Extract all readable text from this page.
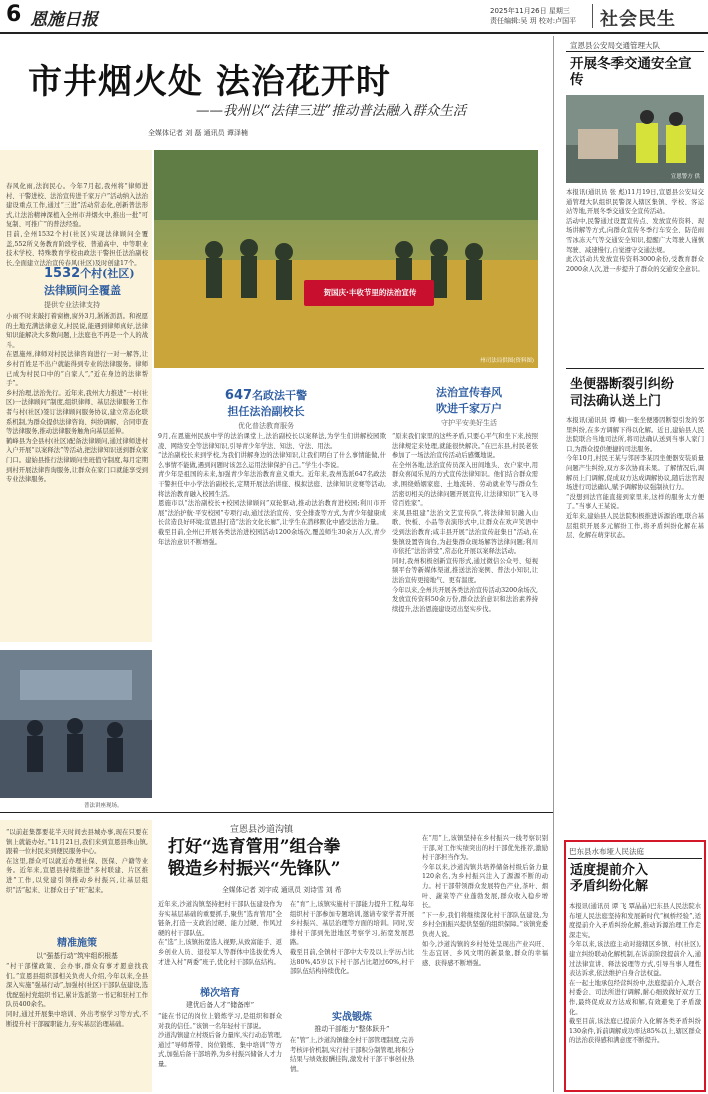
6 恩施日报	2025年11月26日 星期三
责任编辑:吴 玥 校对:卢国平 社会民生
市井烟火处 法治花开时
——我州以“法律三进”推动普法融入群众生活
全媒体记者 刘 磊 通讯员 谭泽楠
春风化雨,法润民心。今年7月起,我州将“律师进村、干警进校、法治宣传进千家万户”活动纳入法治建设重点工作,通过“三进”活动常态化,创新普法形式,让法治精神深植入全州市井烟火中,推出一批“可复制、可推广”的普法经验。
目前,全州1532个村(社区)实现法律顾问全覆盖,552所义务教育阶段学校、普通高中、中等职业技术学校、特殊教育学校由政法干警担任法治副校长,全面建立法治宣传春风(社区)及时创建17个。
贺国庆·丰收节里的法治宣传
州司法局供图(资料图)
1532个村(社区)
法律顾问全覆盖
提供专业法律支持
小雨不时来敲打着窗檐,窗外3月,淅淅沥沥。和祝愿的土地充满法律意义,村民说,能遇到律师真好,法律知识能解决大多数问题,上法庭也不再是一个人的战斗。
在恩施州,律师对村民法律咨询进行一对一解答,让乡村百姓足不出户就能得到专业的法律服务。律师已成为村民口中的“自家人”,“近在身边的法律帮手”。
乡村治理,法治先行。近年来,我州大力推进“一村(社区)一法律顾问”制度,组织律师、基层法律服务工作者与村(社区)签订法律顾问服务协议,建立常态化联系机制,为群众提供法律咨询、纠纷调解、合同审查等法律服务,推动法律服务触角向基层延伸。
鹤峰县为全县村(社区)配备法律顾问,通过律师进村入户开展“以案释法”等活动,把法律知识送到群众家门口。建始县推行法律顾问坐班值守制度,每月定期到村开展法律咨询服务,让群众在家门口就能享受到专业法律服务。
普法讲座现场。
647名政法干警
担任法治副校长
优化普法教育服务
9月,在恩施州民族中学的法治课堂上,法治副校长以案释法,为学生们讲解校园欺凌、网络安全等法律知识,引导青少年学法、知法、守法、用法。
“法治副校长来到学校,为我们讲解身边的法律知识,让我们明白了什么事情能做,什么事情不能做,遇到问题时该怎么运用法律保护自己。”学生小李说。
青少年是祖国的未来,加强青少年法治教育意义重大。近年来,我州选派647名政法干警担任中小学法治副校长,定期开展法治讲座、模拟法庭、法律知识竞赛等活动,将法治教育融入校园生活。
恩施市以“法治副校长+校园法律顾问”双轮驱动,推动法治教育进校园;利川市开展“法治护航·平安校园”专项行动,通过法治宣传、安全排查等方式,为青少年健康成长营造良好环境;宣恩县打造“法治文化长廊”,让学生在潜移默化中感受法治力量。
截至目前,全州已开展各类法治进校园活动1200余场次,覆盖师生30余万人次,青少年法治意识不断增强。
法治宣传春风
吹进千家万户
守护平安美好生活
“原来我们家里的这些矛盾,只要心平气和坐下来,按照法律规定来处理,就能很快解决。”在巴东县,村民老张参加了一场法治宣传活动后感慨地说。
在全州各地,法治宣传员深入田间地头、农户家中,用群众喜闻乐见的方式宣传法律知识。他们结合群众需求,围绕婚姻家庭、土地流转、劳动就业等与群众生活密切相关的法律问题开展宣传,让法律知识“飞入寻常百姓家”。
来凤县组建“法治文艺宣传队”,将法律知识融入山歌、快板、小品等表演形式中,让群众在欢声笑语中受到法治教育;咸丰县开展“法治宣传赶集日”活动,在集镇设置咨询台,为赶集群众现场解答法律问题;利川市依托“法治讲堂”,常态化开展以案释法活动。
同时,我州积极创新宣传形式,通过微信公众号、短视频平台等新媒体渠道,推送法治案例、普法小知识,让法治宣传更接地气、更有温度。
今年以来,全州共开展各类法治宣传活动3200余场次,发放宣传资料50余万份,群众法治意识和法治素养持续提升,法治恩施建设迈出坚实步伐。
宣恩县公安局交通管理大队
开展冬季交通安全宣传
宣恩警方 供
本报讯(通讯员 张 彪)11月19日,宣恩县公安局交通管理大队组织民警深入辖区集镇、学校、客运站等地,开展冬季交通安全宣传活动。
活动中,民警通过设置宣传点、发放宣传资料、现场讲解等方式,向群众宣传冬季行车安全、防范雨雪冰冻天气等交通安全知识,提醒广大驾驶人谨慎驾驶、减速慢行,自觉遵守交通法规。
此次活动共发放宣传资料3000余份,受教育群众2000余人次,进一步提升了群众的交通安全意识。
坐便器断裂引纠纷
司法确认送上门
本报讯(通讯员 谭 楠)一张坐便器因断裂引发的邻里纠纷,在多方调解下得以化解。近日,建始县人民法院联合当地司法所,将司法确认送到当事人家门口,为群众提供便捷的司法服务。
今年10月,村民王某与邻居李某因坐便器安装质量问题产生纠纷,双方多次协商未果。了解情况后,调解员上门调解,促成双方达成调解协议,随后法官现场进行司法确认,赋予调解协议强制执行力。
“没想到法官能直接到家里来,这样的服务太方便了。”当事人王某说。
近年来,建始县人民法院积极推进诉源治理,联合基层组织开展多元解纷工作,将矛盾纠纷化解在基层、化解在萌芽状态。
巴东县水布垭人民法庭
适度提前介入
矛盾纠纷化解
本报讯(通讯员 谭 飞 覃晶晶)巴东县人民法院水布垭人民法庭坚持和发展新时代“枫桥经验”,适度提前介入矛盾纠纷化解,推动诉源治理工作走深走实。
今年以来,该法庭主动对接辖区乡镇、村(社区),建立纠纷联动化解机制,在诉前阶段提前介入,通过法律宣讲、释法说理等方式,引导当事人理性表达诉求,依法维护自身合法权益。
在一起土地承包经营纠纷中,法庭提前介入,联合村委会、司法所进行调解,耐心细致做好双方工作,最终促成双方达成和解,有效避免了矛盾激化。
截至目前,该法庭已提前介入化解各类矛盾纠纷130余件,诉前调解成功率达85%以上,辖区群众的法治获得感和满意度不断提升。
“以前赶集都要花半天时间去县城办事,现在只要在镇上就能办好。”11月21日,我们来到宣恩县珠山镇,跟着一位村民来到便民服务中心。
在这里,群众可以就近办理社保、医保、户籍等业务。近年来,宣恩县持续推进“多村联建、片区推进”工作,以党建引领推动乡村振兴,让基层组织“活”起来、让群众日子“旺”起来。
精准施策
以“强基行动”筑牢组织根基
“村干部懂政策、会办事,群众有事才愿意找我们。”宣恩县组织部相关负责人介绍,今年以来,全县深入实施“强基行动”,加强村(社区)干部队伍建设,选优配强村党组织书记,累计选派第一书记和驻村工作队员400余名。
同时,通过开展集中培训、外出考察学习等方式,不断提升村干部履职能力,夯实基层治理基础。
宣恩县沙道沟镇
打好“选育管用”组合拳
锻造乡村振兴“先锋队”
全媒体记者 刘宇成 通讯员 刘诗雪 刘 希
近年来,沙道沟镇坚持把村干部队伍建设作为夯实基层基础的重要抓手,聚焦“选育管用”全链条,打造一支政治过硬、能力过硬、作风过硬的村干部队伍。
在“选”上,该镇拓宽选人视野,从致富能手、返乡创业人员、退役军人等群体中选拔优秀人才进入村“两委”班子,优化村干部队伍结构。
梯次培育
建优后备人才“储备库”
“能在书记的岗位上锻炼学习,是组织和群众对我的信任。”该镇一名年轻村干部说。
沙道沟镇建立村级后备力量库,实行动态管理,通过“导师帮带、岗位锻炼、集中培训”等方式,加强后备干部培养,为乡村振兴储备人才力量。
在“育”上,该镇实施村干部能力提升工程,每年组织村干部参加专题培训,邀请专家学者开展乡村振兴、基层治理等方面的培训。同时,安排村干部到先进地区考察学习,拓宽发展思路。
截至目前,全镇村干部中大专及以上学历占比达80%,45岁以下村干部占比超过60%,村干部队伍结构持续优化。
实战锻炼
推动干部能力“整体跃升”
在“管”上,沙道沟镇健全村干部管理制度,完善考核评价机制,实行村干部积分制管理,将积分结果与绩效报酬挂钩,激发村干部干事创业热情。
在“用”上,该镇坚持在乡村振兴一线考察识别干部,对工作实绩突出的村干部优先推荐,激励村干部担当作为。
今年以来,沙道沟镇共培养储备村级后备力量120余名,为乡村振兴注入了源源不断的动力。村干部带领群众发展特色产业,茶叶、烟叶、蔬菜等产业蓬勃发展,群众收入稳步增长。
“下一步,我们将继续深化村干部队伍建设,为乡村全面振兴提供坚强的组织保障。”该镇党委负责人说。
如今,沙道沟镇的乡村处处呈现出产业兴旺、生态宜居、乡风文明的新景象,群众的幸福感、获得感不断增强。
